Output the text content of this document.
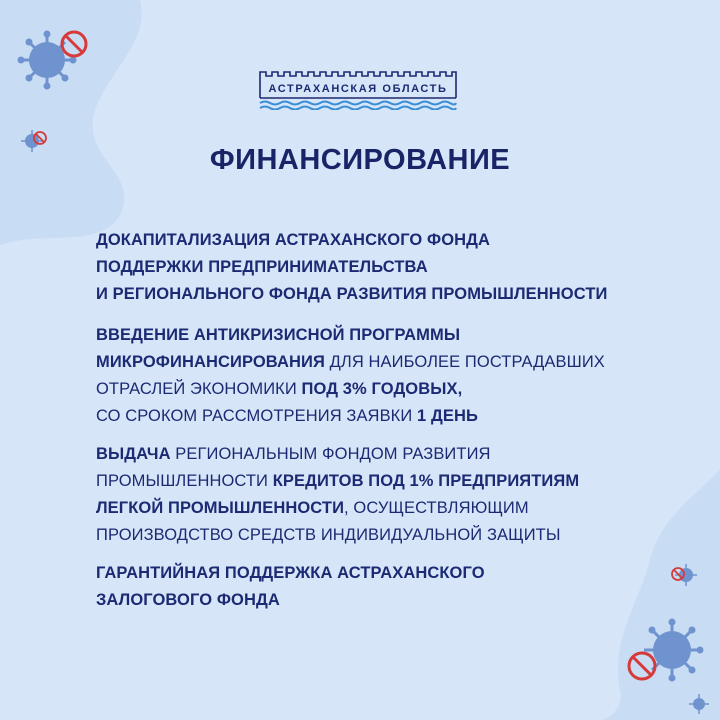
АСТРАХАНСКАЯ ОБЛАСТЬ
ФИНАНСИРОВАНИЕ
ДОКАПИТАЛИЗАЦИЯ АСТРАХАНСКОГО ФОНДА
ПОДДЕРЖКИ ПРЕДПРИНИМАТЕЛЬСТВА
И РЕГИОНАЛЬНОГО ФОНДА РАЗВИТИЯ ПРОМЫШЛЕННОСТИ
ВВЕДЕНИЕ АНТИКРИЗИСНОЙ ПРОГРАММЫ
МИКРОФИНАНСИРОВАНИЯ ДЛЯ НАИБОЛЕЕ ПОСТРАДАВШИХ
ОТРАСЛЕЙ ЭКОНОМИКИ ПОД 3% ГОДОВЫХ,
СО СРОКОМ РАССМОТРЕНИЯ ЗАЯВКИ 1 ДЕНЬ
ВЫДАЧА РЕГИОНАЛЬНЫМ ФОНДОМ РАЗВИТИЯ
ПРОМЫШЛЕННОСТИ КРЕДИТОВ ПОД 1% ПРЕДПРИЯТИЯМ
ЛЕГКОЙ ПРОМЫШЛЕННОСТИ, ОСУЩЕСТВЛЯЮЩИМ
ПРОИЗВОДСТВО СРЕДСТВ ИНДИВИДУАЛЬНОЙ ЗАЩИТЫ
ГАРАНТИЙНАЯ ПОДДЕРЖКА АСТРАХАНСКОГО
ЗАЛОГОВОГО ФОНДА
